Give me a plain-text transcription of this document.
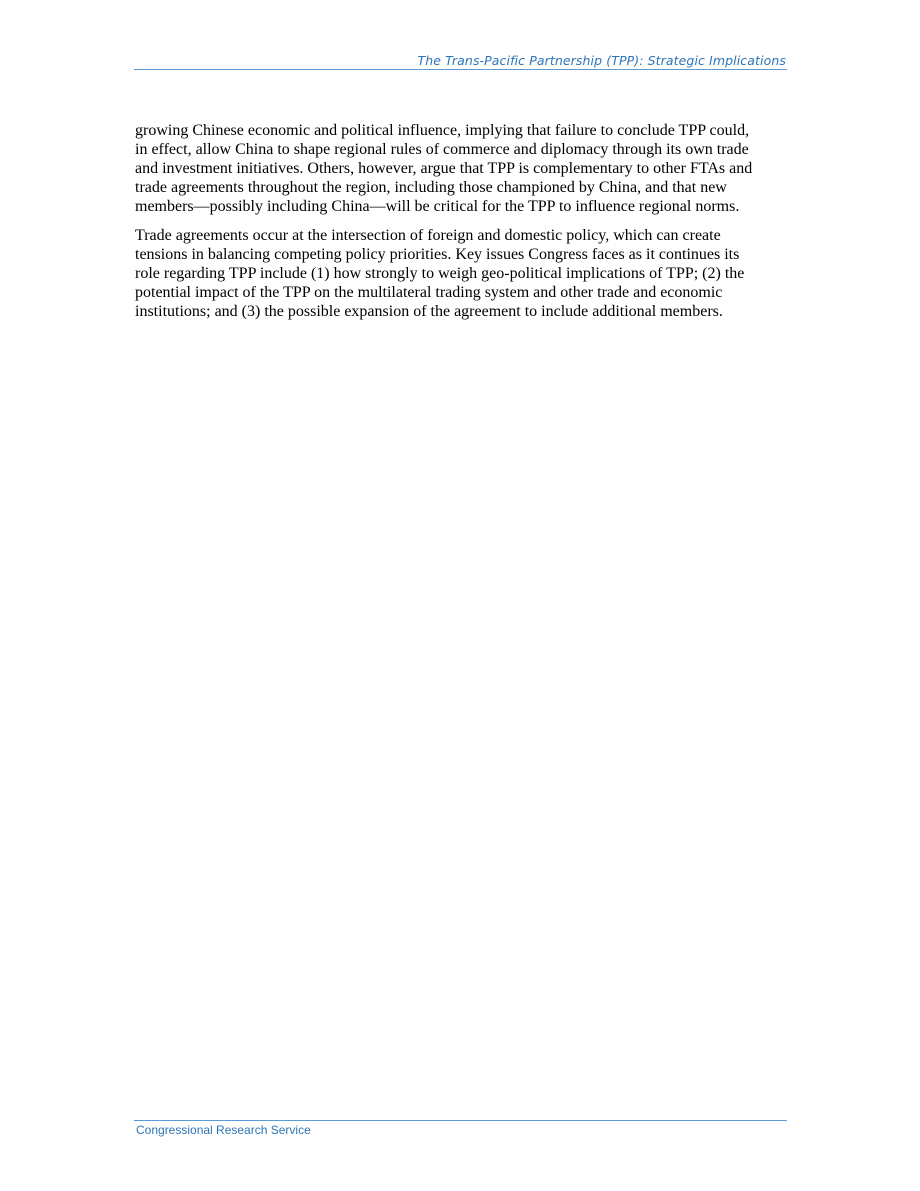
The Trans-Pacific Partnership (TPP): Strategic Implications

growing Chinese economic and political influence, implying that failure to conclude TPP could,
in effect, allow China to shape regional rules of commerce and diplomacy through its own trade
and investment initiatives. Others, however, argue that TPP is complementary to other FTAs and
trade agreements throughout the region, including those championed by China, and that new
members—possibly including China—will be critical for the TPP to influence regional norms.

Trade agreements occur at the intersection of foreign and domestic policy, which can create
tensions in balancing competing policy priorities. Key issues Congress faces as it continues its
role regarding TPP include (1) how strongly to weigh geo-political implications of TPP; (2) the
potential impact of the TPP on the multilateral trading system and other trade and economic
institutions; and (3) the possible expansion of the agreement to include additional members.

Congressional Research Service
